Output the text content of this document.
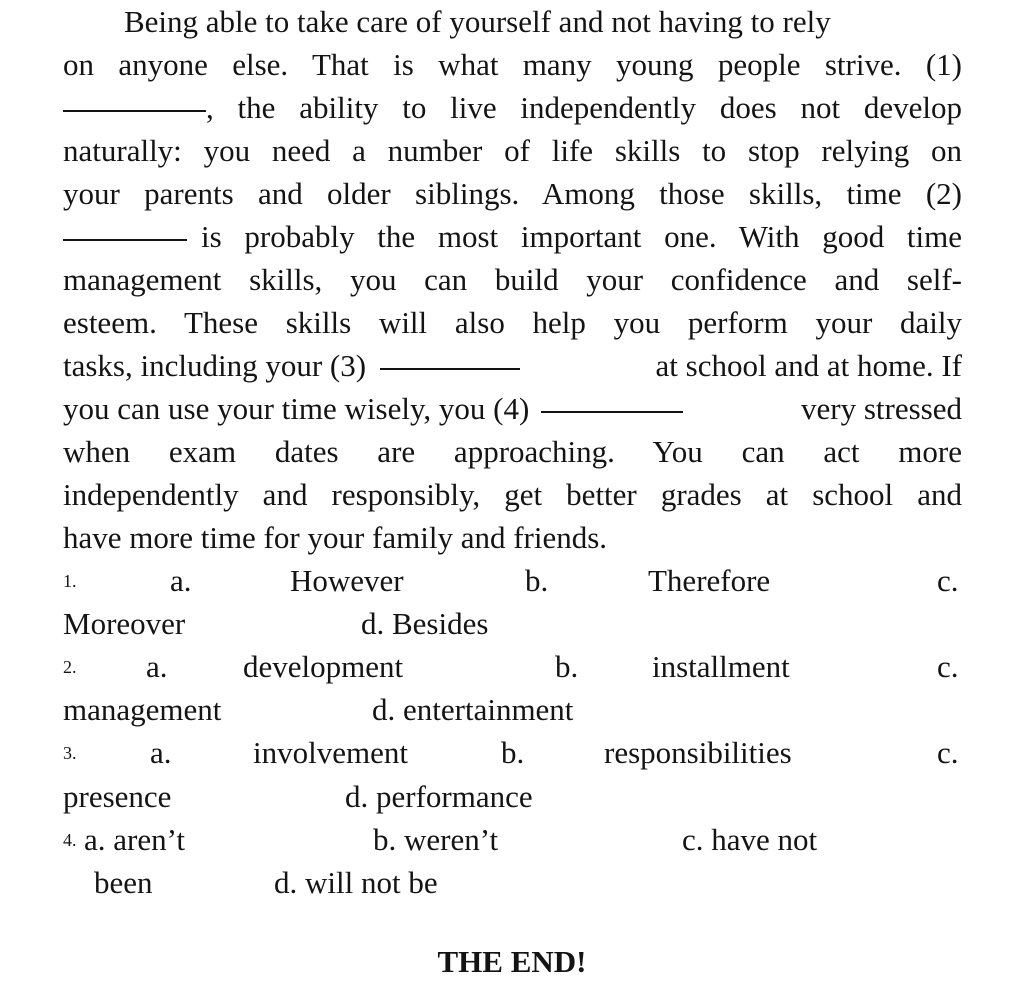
Being able to take care of yourself and not having to rely
on anyone else. That is what many young people strive. (1)
, the ability to live independently does not develop
naturally: you need a number of life skills to stop relying on
your parents and older siblings. Among those skills, time (2)
is probably the most important one. With good time
management skills, you can build your confidence and self-
esteem. These skills will also help you perform your daily
tasks, including your (3)	at school and at home. If
you can use your time wisely, you (4)	very stressed
when exam dates are approaching. You can act more
independently and responsibly, get better grades at school and
have more time for your family and friends.
1.	a.	However	b.	Therefore	c.
Moreover	d. Besides
2. a. development	b. installment	c.
management	d. entertainment
3. a.	involvement	b.	responsibilities	c.
presence	d. performance
4. a. aren’t	b. weren’t	c. have not
been	d. will not be
THE END!
